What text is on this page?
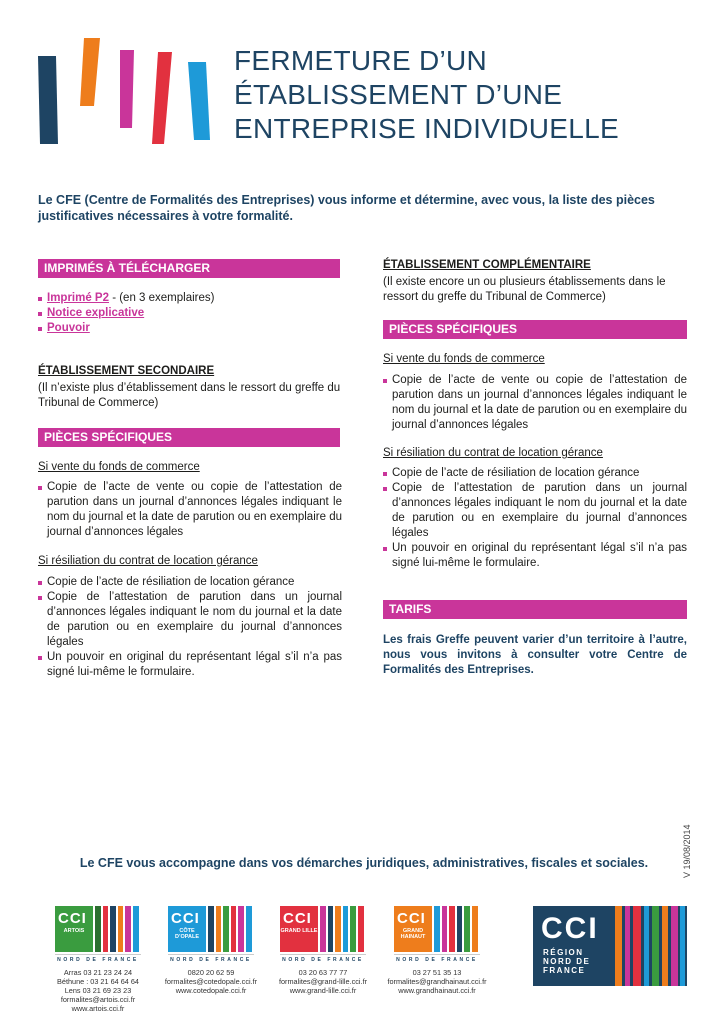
FERMETURE D’UN
ÉTABLISSEMENT D’UNE
ENTREPRISE INDIVIDUELLE
Le CFE (Centre de Formalités des Entreprises) vous informe et détermine, avec vous, la liste des pièces justificatives nécessaires à votre formalité.
IMPRIMÉS À TÉLÉCHARGER
Imprimé P2 - (en 3 exemplaires)
Notice explicative
Pouvoir
ÉTABLISSEMENT SECONDAIRE
(Il n’existe plus d’établissement dans le ressort du greffe du Tribunal de Commerce)
PIÈCES SPÉCIFIQUES
Si vente du fonds de commerce
Copie de l’acte de vente ou copie de l’attestation de parution dans un journal d’annonces légales indiquant le nom du journal et la date de parution ou en exemplaire du journal d’annonces légales
Si résiliation du contrat de location gérance
Copie de l’acte de résiliation de location gérance
Copie de l’attestation de parution dans un journal d’annonces légales indiquant le nom du journal et la date de parution ou en exemplaire du journal d’annonces légales
Un pouvoir en original du représentant légal s’il n’a pas signé lui-même le formulaire.
ÉTABLISSEMENT COMPLÉMENTAIRE
(Il existe encore un ou plusieurs établissements dans le ressort du greffe du Tribunal de Commerce)
PIÈCES SPÉCIFIQUES
Si vente du fonds de commerce
Copie de l’acte de vente ou copie de l’attestation de parution dans un journal d’annonces légales indiquant le nom du journal et la date de parution ou en exemplaire du journal d’annonces légales
Si résiliation du contrat de location gérance
Copie de l’acte de résiliation de location gérance
Copie de l’attestation de parution dans un journal d’annonces légales indiquant le nom du journal et la date de parution ou en exemplaire du journal d’annonces légales
Un pouvoir en original du représentant légal s’il n’a pas signé lui-même le formulaire.
TARIFS
Les frais Greffe peuvent varier d’un territoire à l’autre, nous vous invitons à consulter votre Centre de Formalités des Entreprises.
V 19/08/2014
Le CFE vous accompagne dans vos démarches juridiques, administratives, fiscales et sociales.
CCI
ARTOIS
NORD DE FRANCE
Arras 03 21 23 24 24
Béthune : 03 21 64 64 64
Lens 03 21 69 23 23
formalites@artois.cci.fr
www.artois.cci.fr
CCI
CÔTE D’OPALE
NORD DE FRANCE
0820 20 62 59
formalites@cotedopale.cci.fr
www.cotedopale.cci.fr
CCI
GRAND LILLE
NORD DE FRANCE
03 20 63 77 77
formalites@grand-lille.cci.fr
www.grand-lille.cci.fr
CCI
GRAND HAINAUT
NORD DE FRANCE
03 27 51 35 13
formalites@grandhainaut.cci.fr
www.grandhainaut.cci.fr
CCI
RÉGION
NORD DE
FRANCE
